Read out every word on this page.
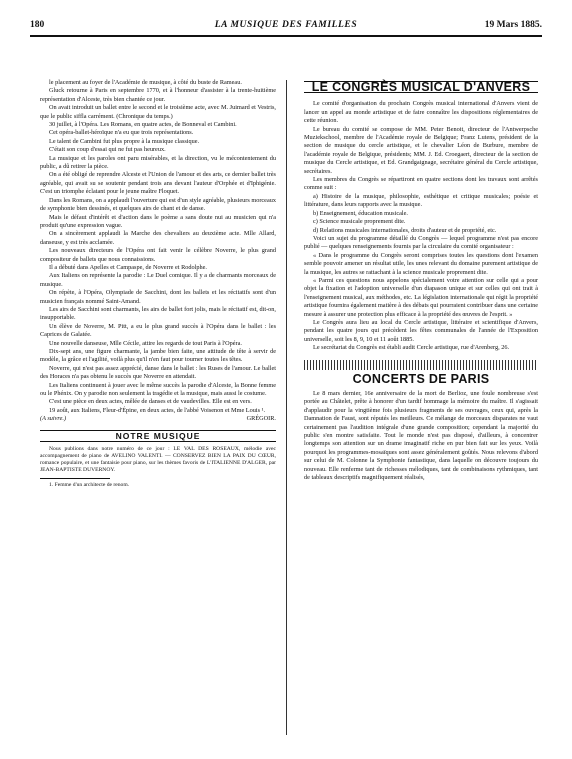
180	LA MUSIQUE DES FAMILLES	19 Mars 1885.

le placement au foyer de l'Académie de musique, à côté du buste de Rameau.

Gluck retourne à Paris en septembre 1770, et à l'honneur d'assister à la trente-huitième représentation d'Alceste, très bien chantée ce jour.

On avait introduit un ballet entre le second et le troisième acte, avec M. Juimard et Vestris, que le public siffla carrément. (Chronique du temps.)

30 juillet, à l'Opéra. Les Romans, en quatre actes, de Bonneval et Cambini.

Cet opéra-ballet-héroïque n'a eu que trois représentations.

Le talent de Cambini fut plus propre à la musique classique.

C'était son coup d'essai qui ne fut pas heureux.

La musique et les paroles ont paru misérables, et la direction, vu le mécontentement du public, a dû retirer la pièce.

On a été obligé de reprendre Alceste et l'Union de l'amour et des arts, ce dernier ballet très agréable, qui avait su se soutenir pendant trois ans devant l'auteur d'Orphée et d'Iphigénie. C'est un triomphe éclatant pour le jeune maître Floquet.

Dans les Romans, on a applaudi l'ouverture qui est d'un style agréable, plusieurs morceaux de symphonie bien dessinés, et quelques airs de chant et de danse.

Mais le défaut d'intérêt et d'action dans le poème a sans doute nui au musicien qui n'a produit qu'une expression vague.

On a sincèrement applaudi la Marche des chevaliers au deuxième acte. Mlle Allard, danseuse, y est très acclamée.

Les nouveaux directeurs de l'Opéra ont fait venir le célèbre Noverre, le plus grand compositeur de ballets que nous connaissions.

Il a débuté dans Apelles et Campaspe, de Noverre et Rodolphe.

Aux Italiens on représente la parodie : Le Duel comique. Il y a de charmants morceaux de musique.

On répète, à l'Opéra, Olympiade de Sacchini, dont les ballets et les récitatifs sont d'un musicien français nommé Saint-Amand.

Les airs de Sacchini sont charmants, les airs de ballet fort jolis, mais le récitatif est, dit-on, insupportable.

Un élève de Noverre, M. Pitt, a eu le plus grand succès à l'Opéra dans le ballet : les Caprices de Galatée.

Une nouvelle danseuse, Mlle Cécile, attire les regards de tout Paris à l'Opéra.

Dix-sept ans, une figure charmante, la jambe bien faite, une attitude de tête à servir de modèle, la grâce et l'agilité, voilà plus qu'il n'en faut pour tourner toutes les têtes.

Noverre, qui n'est pas assez apprécié, danse dans le ballet : les Ruses de l'amour. Le ballet des Horaces n'a pas obtenu le succès que Noverre en attendait.

Les Italiens continuent à jouer avec le même succès la parodie d'Alceste, la Bonne femme ou le Phénix. On y parodie non seulement la tragédie et la musique, mais aussi le costume.

C'est une pièce en deux actes, mêlée de danses et de vaudevilles. Elle est en vers.

19 août, aux Italiens, Fleur-d'Épine, en deux actes, de l'abbé Voisenon et Mme Louis ¹.

(A suivre.)	GRÉGOIR.
NOTRE MUSIQUE

Nous publions dans notre numéro de ce jour : LE VAL DES ROSEAUX, mélodie avec accompagnement de piano de AVELINO VALENTI. — CONSERVEZ BIEN LA PAIX DU CŒUR, romance populaire, et une fantaisie pour piano, sur les thèmes favoris de L'ITALIENNE D'ALGER, par JEAN-BAPTISTE DUVERNOY.

1. Femme d'un architecte de renom.

LE CONGRÈS MUSICAL D'ANVERS

Le comité d'organisation du prochain Congrès musical international d'Anvers vient de lancer un appel au monde artistique et de faire connaître les dispositions réglementaires de cette réunion.

Le bureau du comité se compose de MM. Peter Benoit, directeur de l'Antwerpsche Muziekschool, membre de l'Académie royale de Belgique; Franz Lutens, président de la section de musique du cercle artistique, et le chevalier Léon de Burbure, membre de l'académie royale de Belgique, présidents; MM. J. Ed. Croegaert, directeur de la section de musique du Cercle artistique, et Ed. Grandgaignage, secrétaire général du Cercle artistique, secrétaires.

Les membres du Congrès se répartiront en quatre sections dont les travaux sont arrêtés comme suit :

a) Histoire de la musique, philosophie, esthétique et critique musicales; poésie et littérature, dans leurs rapports avec la musique.

b) Enseignement, éducation musicale.

c) Science musicale proprement dite.

d) Relations musicales internationales, droits d'auteur et de propriété, etc.

Voici un sujet du programme détaillé du Congrès — lequel programme n'est pas encore publié — quelques renseignements fournis par la circulaire du comité organisateur :

« Dans le programme du Congrès seront comprises toutes les questions dont l'examen semble pouvoir amener un résultat utile, les unes relevant du domaine purement artistique de la musique, les autres se rattachant à la science musicale proprement dite.

« Parmi ces questions nous appelons spécialement votre attention sur celle qui a pour objet la fixation et l'adoption universelle d'un diapason unique et sur celles qui ont trait à l'enseignement musical, aux méthodes, etc. La législation internationale qui régit la propriété artistique fournira également matière à des débats qui pourraient contribuer dans une certaine mesure à assurer une protection plus efficace à la propriété des œuvres de l'esprit. »

Le Congrès aura lieu au local du Cercle artistique, littéraire et scientifique d'Anvers, pendant les quatre jours qui précèdent les fêtes communales de l'année de l'Exposition universelle, soit les 8, 9, 10 et 11 août 1885.

Le secrétariat du Congrès est établi audit Cercle artistique, rue d'Arenberg, 26.

CONCERTS DE PARIS

Le 8 mars dernier, 16e anniversaire de la mort de Berlioz, une foule nombreuse s'est portée au Châtelet, prête à honorer d'un tardif hommage la mémoire du maître. Il s'agissait d'applaudir pour la vingtième fois plusieurs fragments de ses ouvrages, ceux qui, après la Damnation de Faust, sont réputés les meilleurs. Ce mélange de morceaux disparates ne vaut certainement pas l'audition intégrale d'une grande composition; cependant la majorité du public s'en montre satisfaite. Tout le monde n'est pas disposé, d'ailleurs, à concentrer longtemps son attention sur un drame imaginatif riche en pur bien fait sur les yeux. Voilà pourquoi les programmes-mosaïques sont assez généralement goûtés. Nous relevons d'abord sur celui de M. Colonne la Symphonie fantastique, dans laquelle on découvre toujours du nouveau. Elle renferme tant de richesses mélodiques, tant de combinaisons rythmiques, tant de tableaux descriptifs magnifiquement réalisés,
